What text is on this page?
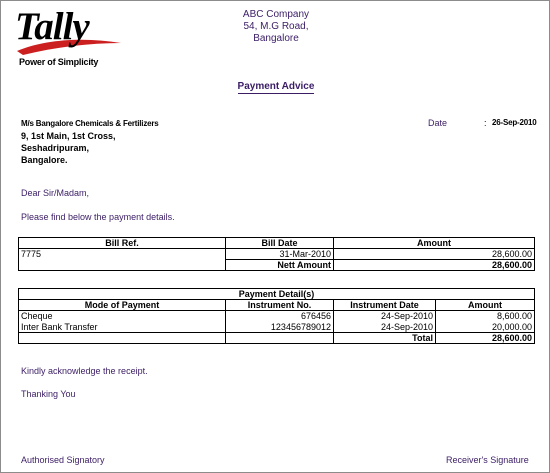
Tally
Power of Simplicity
ABC Company
54, M.G Road,
Bangalore
Payment Advice
M/s Bangalore Chemicals & Fertilizers
9, 1st Main, 1st Cross,
Seshadripuram,
Bangalore.
Date	: 26-Sep-2010
Dear Sir/Madam,
Please find below the payment details.
Bill Ref.	Bill Date	Amount
7775	31-Mar-2010	28,600.00
	Nett Amount	28,600.00
Payment Detail(s)			
Mode of Payment	Instrument No.	Instrument Date	Amount
Cheque	676456	24-Sep-2010	8,600.00
Inter Bank Transfer	123456789012	24-Sep-2010	20,000.00
		Total	28,600.00
Kindly acknowledge the receipt.
Thanking You
Authorised Signatory	Receiver's Signature
